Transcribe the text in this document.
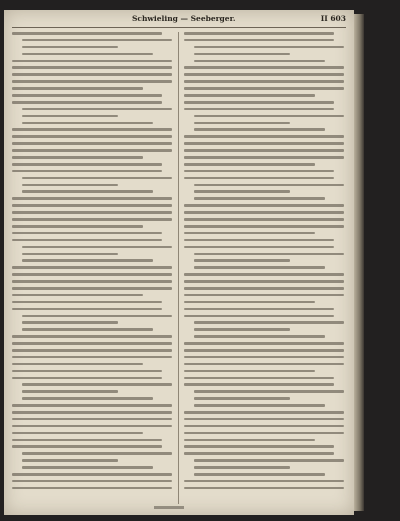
Schwieling — Seeberger.	II 603
